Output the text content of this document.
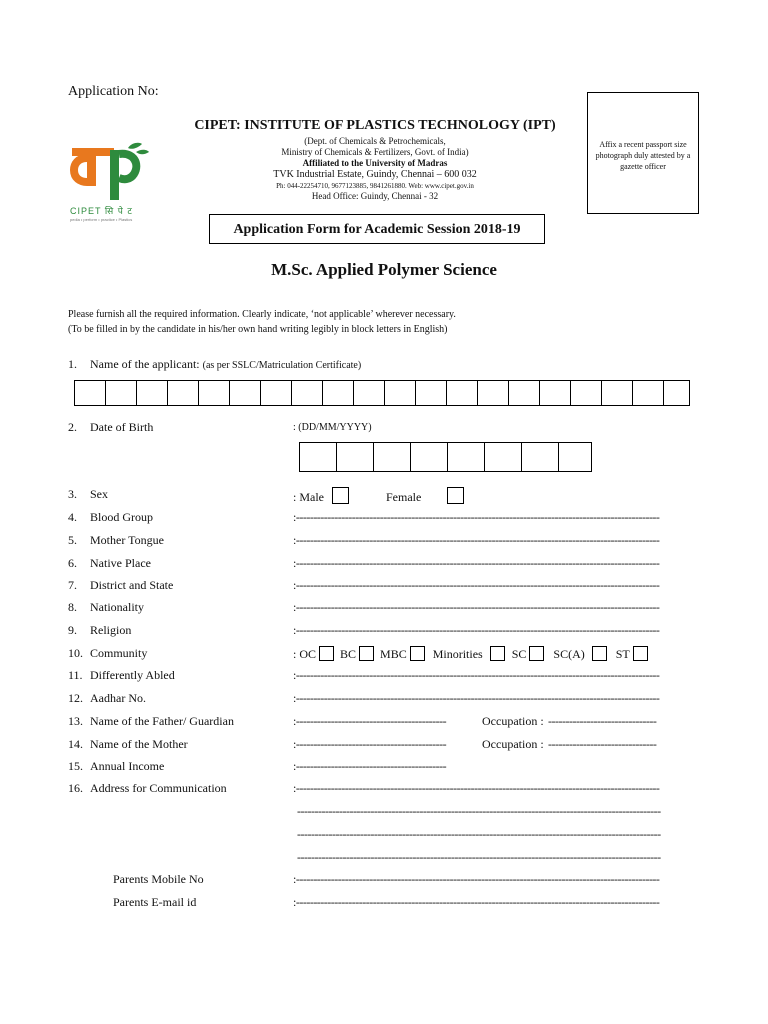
Application No:
CIPET सि पे ट
pedia • perform • practice • Plastics
CIPET: INSTITUTE OF PLASTICS TECHNOLOGY (IPT)
(Dept. of Chemicals & Petrochemicals,
Ministry of Chemicals & Fertilizers, Govt. of India)
Affiliated to the University of Madras
TVK Industrial Estate, Guindy, Chennai – 600 032
Ph: 044-22254710, 9677123885, 9841261880. Web: www.cipet.gov.in
Head Office: Guindy, Chennai - 32
Affix a recent passport size photograph duly attested by a gazette officer
Application Form for Academic Session 2018-19
M.Sc. Applied Polymer Science
Please furnish all the required information. Clearly indicate, ‘not applicable’ wherever necessary.
(To be filled in by the candidate in his/her own hand writing legibly in block letters in English)
1. Name of the applicant: (as per SSLC/Matriculation Certificate)
2. Date of Birth	: (DD/MM/YYYY)
3. Sex	: Male	Female
4. Blood Group	:--------------------------------------------------------------------------------------------------------
5. Mother Tongue	:--------------------------------------------------------------------------------------------------------
6. Native Place	:--------------------------------------------------------------------------------------------------------
7. District and State	:--------------------------------------------------------------------------------------------------------
8. Nationality	:--------------------------------------------------------------------------------------------------------
9. Religion	:--------------------------------------------------------------------------------------------------------
10. Community	: OC BC MBC Minorities SC SC(A)	ST
11. Differently Abled	:--------------------------------------------------------------------------------------------------------
12. Aadhar No.	:--------------------------------------------------------------------------------------------------------
13. Name of the Father/ Guardian	:-------------------------------------------	Occupation : -------------------------------
14. Name of the Mother	:-------------------------------------------	Occupation : -------------------------------
15. Annual Income	:-------------------------------------------
16. Address for Communication	:--------------------------------------------------------------------------------------------------------
--------------------------------------------------------------------------------------------------------
--------------------------------------------------------------------------------------------------------
--------------------------------------------------------------------------------------------------------
Parents Mobile No	:--------------------------------------------------------------------------------------------------------
Parents E-mail id	:--------------------------------------------------------------------------------------------------------
